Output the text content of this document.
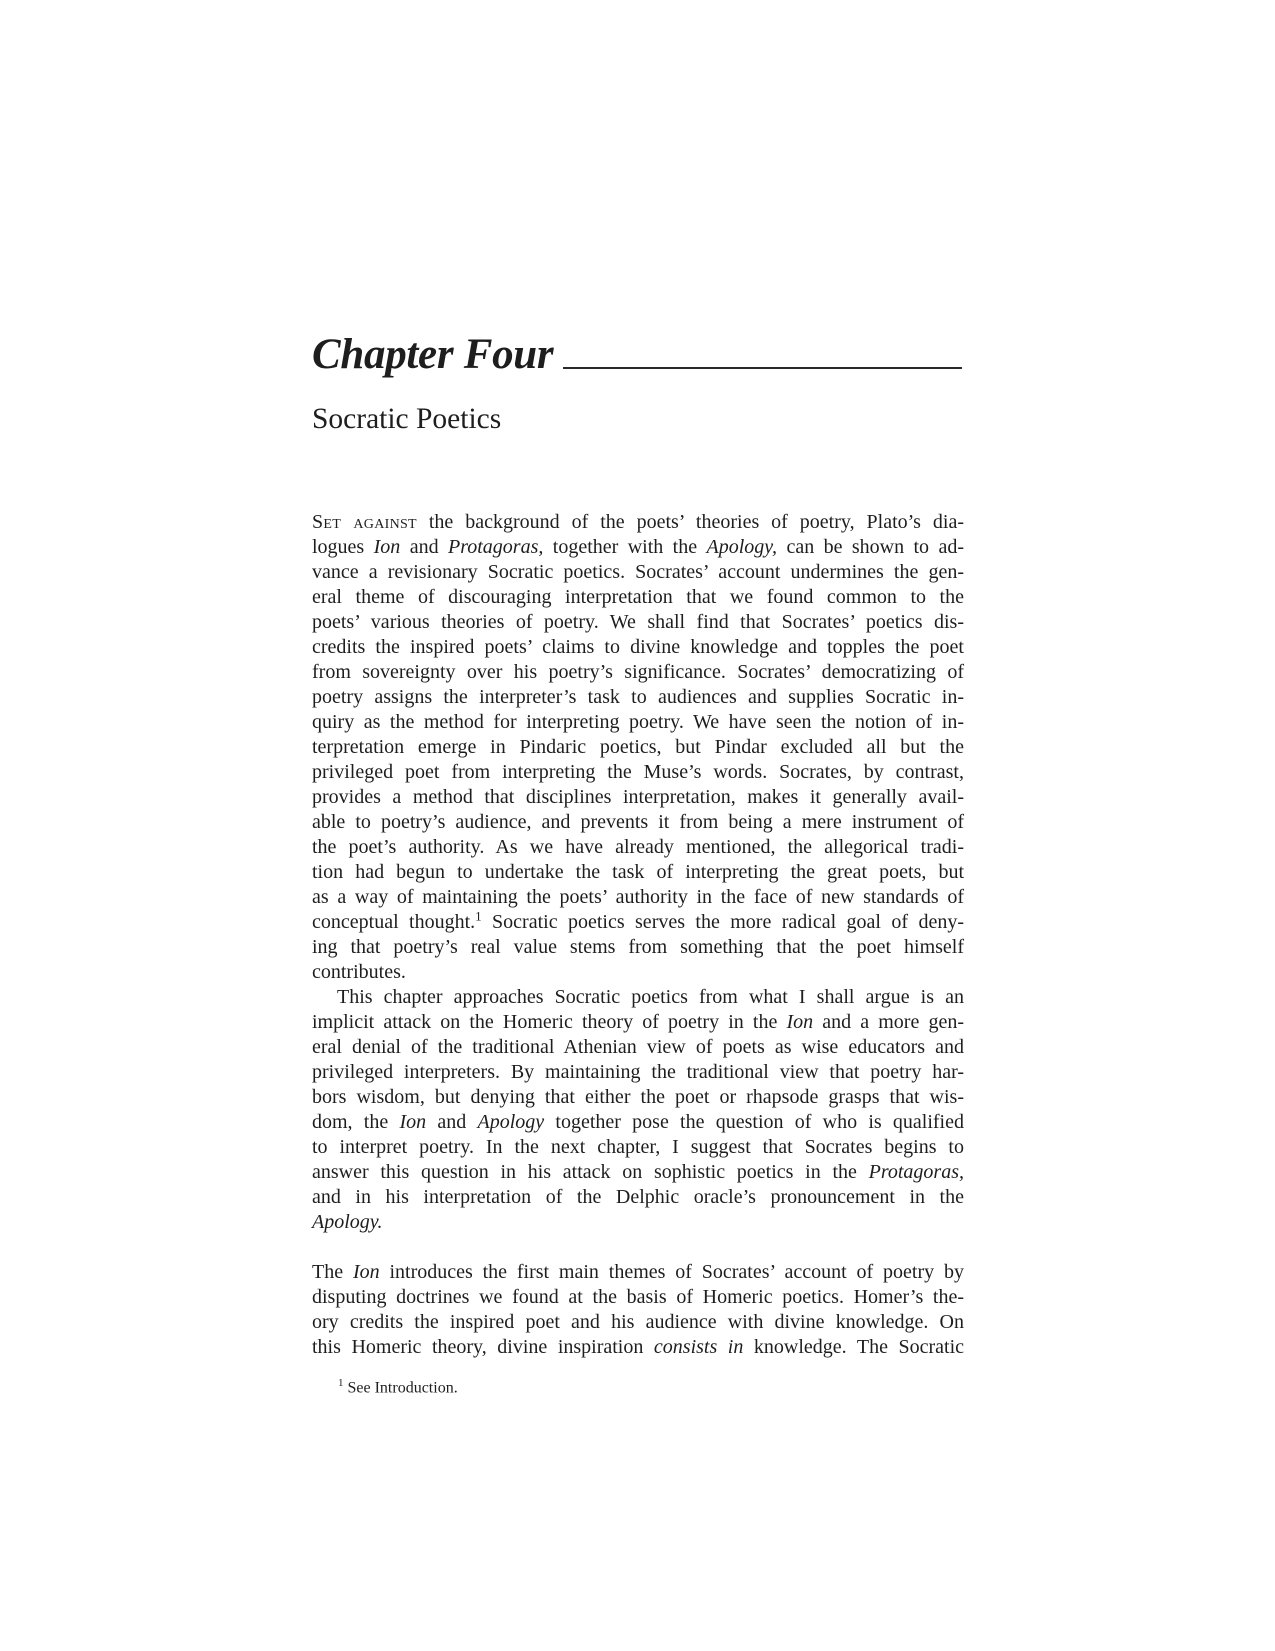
Chapter Four
Socratic Poetics
Set against the background of the poets’ theories of poetry, Plato’s dia-
logues Ion and Protagoras, together with the Apology, can be shown to ad-
vance a revisionary Socratic poetics. Socrates’ account undermines the gen-
eral theme of discouraging interpretation that we found common to the
poets’ various theories of poetry. We shall find that Socrates’ poetics dis-
credits the inspired poets’ claims to divine knowledge and topples the poet
from sovereignty over his poetry’s significance. Socrates’ democratizing of
poetry assigns the interpreter’s task to audiences and supplies Socratic in-
quiry as the method for interpreting poetry. We have seen the notion of in-
terpretation emerge in Pindaric poetics, but Pindar excluded all but the
privileged poet from interpreting the Muse’s words. Socrates, by contrast,
provides a method that disciplines interpretation, makes it generally avail-
able to poetry’s audience, and prevents it from being a mere instrument of
the poet’s authority. As we have already mentioned, the allegorical tradi-
tion had begun to undertake the task of interpreting the great poets, but
as a way of maintaining the poets’ authority in the face of new standards of
conceptual thought.$^1$ Socratic poetics serves the more radical goal of deny-
ing that poetry’s real value stems from something that the poet himself
contributes.
This chapter approaches Socratic poetics from what I shall argue is an
implicit attack on the Homeric theory of poetry in the Ion and a more gen-
eral denial of the traditional Athenian view of poets as wise educators and
privileged interpreters. By maintaining the traditional view that poetry har-
bors wisdom, but denying that either the poet or rhapsode grasps that wis-
dom, the Ion and Apology together pose the question of who is qualified
to interpret poetry. In the next chapter, I suggest that Socrates begins to
answer this question in his attack on sophistic poetics in the Protagoras,
and in his interpretation of the Delphic oracle’s pronouncement in the
Apology.
The Ion introduces the first main themes of Socrates’ account of poetry by
disputing doctrines we found at the basis of Homeric poetics. Homer’s the-
ory credits the inspired poet and his audience with divine knowledge. On
this Homeric theory, divine inspiration consists in knowledge. The Socratic
$^1$ See Introduction.
